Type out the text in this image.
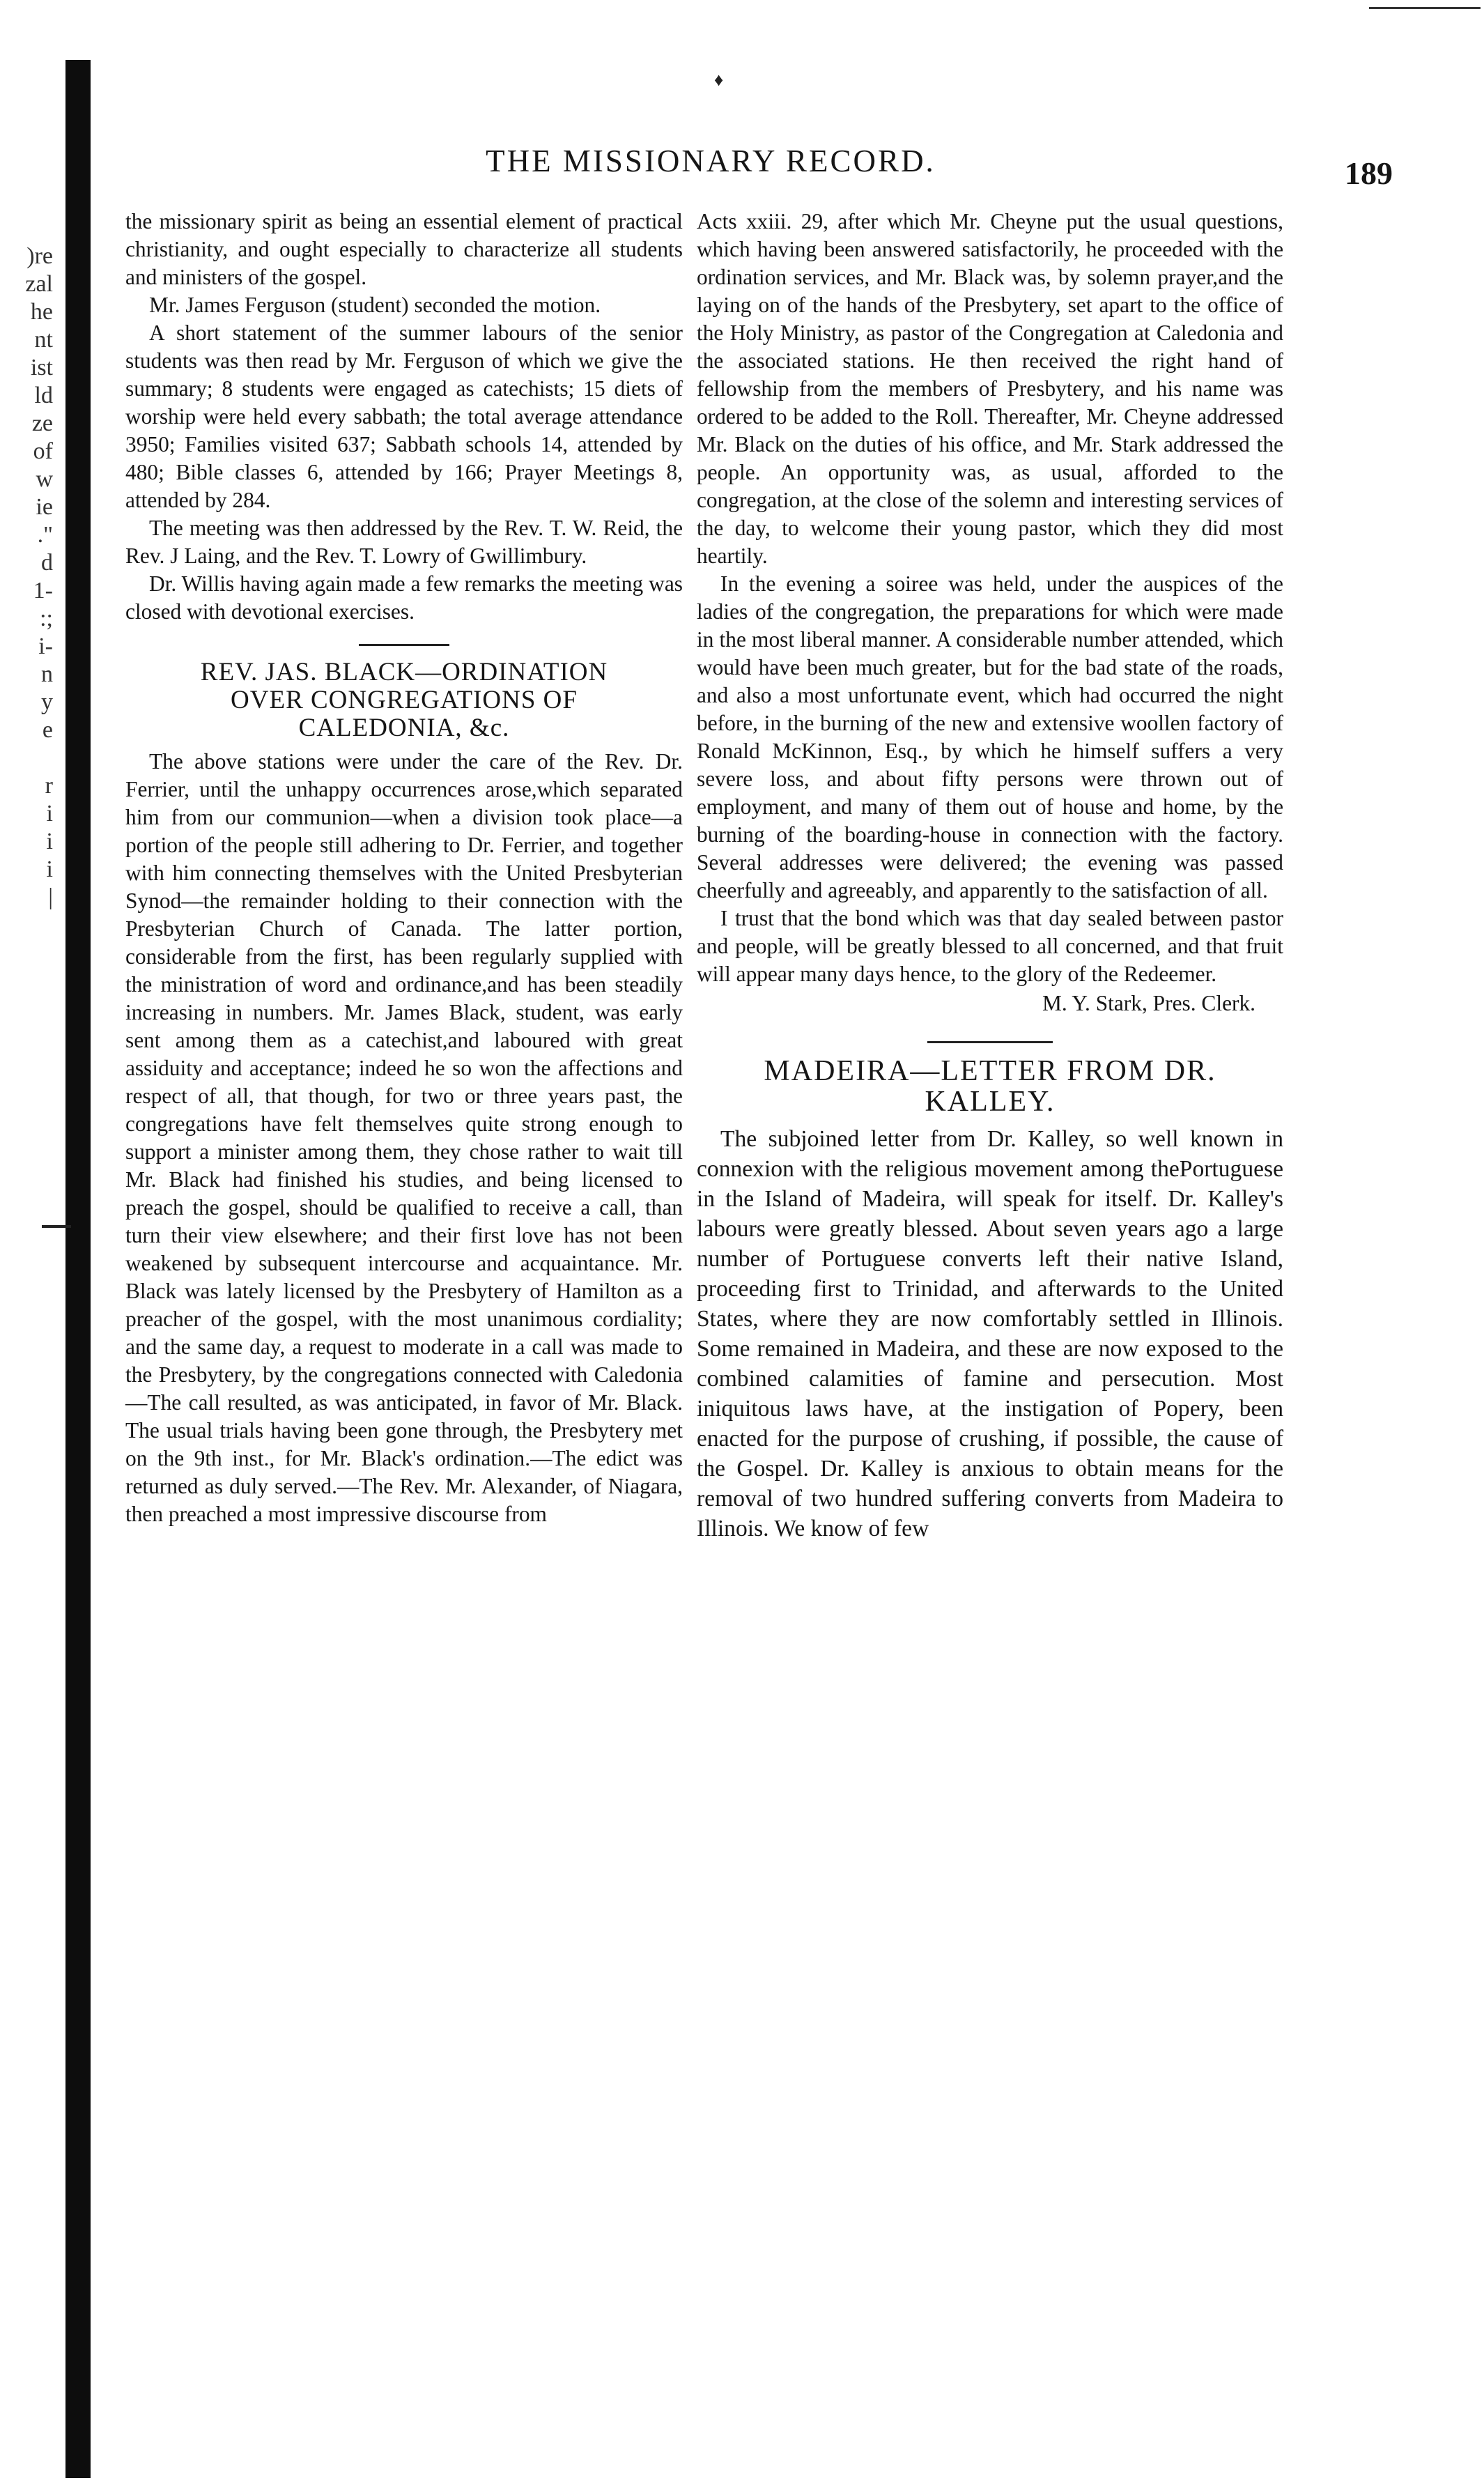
♦
)re
zal
he
nt
ist
ld
ze
of
w
ie
."
d
1-
:;
i-
n
y
e
r
i
i
i
|
THE MISSIONARY RECORD.	189

the missionary spirit as being an essential element of practical christianity, and ought especially to characterize all students and ministers of the gospel.

Mr. James Ferguson (student) seconded the motion.

A short statement of the summer labours of the senior students was then read by Mr. Ferguson of which we give the summary; 8 students were engaged as catechists; 15 diets of worship were held every sabbath; the total average attendance 3950; Families visited 637; Sabbath schools 14, attended by 480; Bible classes 6, attended by 166; Prayer Meetings 8, attended by 284.

The meeting was then addressed by the Rev. T. W. Reid, the Rev. J Laing, and the Rev. T. Lowry of Gwillimbury.

Dr. Willis having again made a few remarks the meeting was closed with devotional exercises.

REV. JAS. BLACK—ORDINATION
OVER CONGREGATIONS OF
CALEDONIA, &c.

The above stations were under the care of the Rev. Dr. Ferrier, until the unhappy occurrences arose,which separated him from our communion—when a division took place—a portion of the people still adhering to Dr. Ferrier, and together with him connecting themselves with the United Presbyterian Synod—the remainder holding to their connection with the Presbyterian Church of Canada. The latter portion, considerable from the first, has been regularly supplied with the ministration of word and ordinance,and has been steadily increasing in numbers. Mr. James Black, student, was early sent among them as a catechist,and laboured with great assiduity and acceptance; indeed he so won the affections and respect of all, that though, for two or three years past, the congregations have felt themselves quite strong enough to support a minister among them, they chose rather to wait till Mr. Black had finished his studies, and being licensed to preach the gospel, should be qualified to receive a call, than turn their view elsewhere; and their first love has not been weakened by subsequent intercourse and acquaintance. Mr. Black was lately licensed by the Presbytery of Hamilton as a preacher of the gospel, with the most unanimous cordiality; and the same day, a request to moderate in a call was made to the Presbytery, by the congregations connected with Caledonia—The call resulted, as was anticipated, in favor of Mr. Black. The usual trials having been gone through, the Presbytery met on the 9th inst., for Mr. Black's ordination.—The edict was returned as duly served.—The Rev. Mr. Alexander, of Niagara, then preached a most impressive discourse from

Acts xxiii. 29, after which Mr. Cheyne put the usual questions, which having been answered satisfactorily, he proceeded with the ordination services, and Mr. Black was, by solemn prayer,and the laying on of the hands of the Presbytery, set apart to the office of the Holy Ministry, as pastor of the Congregation at Caledonia and the associated stations. He then received the right hand of fellowship from the members of Presbytery, and his name was ordered to be added to the Roll. Thereafter, Mr. Cheyne addressed Mr. Black on the duties of his office, and Mr. Stark addressed the people. An opportunity was, as usual, afforded to the congregation, at the close of the solemn and interesting services of the day, to welcome their young pastor, which they did most heartily.

In the evening a soiree was held, under the auspices of the ladies of the congregation, the preparations for which were made in the most liberal manner. A considerable number attended, which would have been much greater, but for the bad state of the roads, and also a most unfortunate event, which had occurred the night before, in the burning of the new and extensive woollen factory of Ronald McKinnon, Esq., by which he himself suffers a very severe loss, and about fifty persons were thrown out of employment, and many of them out of house and home, by the burning of the boarding-house in connection with the factory. Several addresses were delivered; the evening was passed cheerfully and agreeably, and apparently to the satisfaction of all.

I trust that the bond which was that day sealed between pastor and people, will be greatly blessed to all concerned, and that fruit will appear many days hence, to the glory of the Redeemer.

M. Y. Stark, Pres. Clerk.

MADEIRA—LETTER FROM DR.
KALLEY.

The subjoined letter from Dr. Kalley, so well known in connexion with the religious movement among thePortuguese in the Island of Madeira, will speak for itself. Dr. Kalley's labours were greatly blessed. About seven years ago a large number of Portuguese converts left their native Island, proceeding first to Trinidad, and afterwards to the United States, where they are now comfortably settled in Illinois. Some remained in Madeira, and these are now exposed to the combined calamities of famine and persecution. Most iniquitous laws have, at the instigation of Popery, been enacted for the purpose of crushing, if possible, the cause of the Gospel. Dr. Kalley is anxious to obtain means for the removal of two hundred suffering converts from Madeira to Illinois. We know of few
